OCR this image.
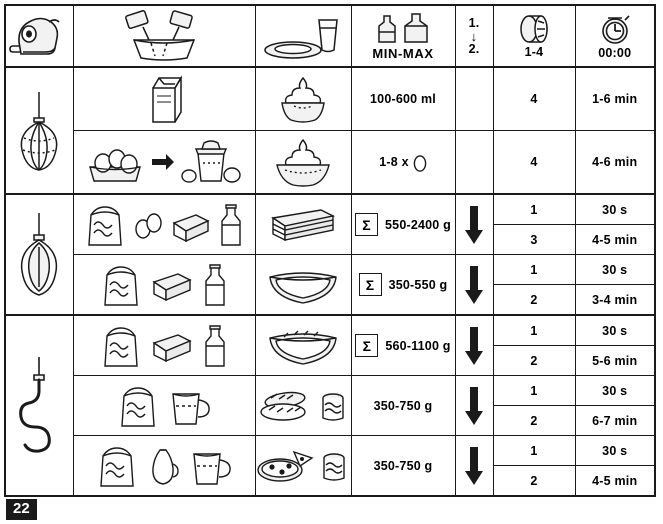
MIN-MAX	1.
↓
2.	1-4	00:00

100-600 ml		4	1-6 min

1-8 x		4	4-6 min

Σ 550-2400 g		1	30 s

					3	4-5 min

Σ 350-550 g		1	30 s

					2	3-4 min

Σ 560-1100 g		1	30 s

					2	5-6 min

350-750 g		1	30 s

					2	6-7 min

350-750 g		1	30 s

					2	4-5 min
22
